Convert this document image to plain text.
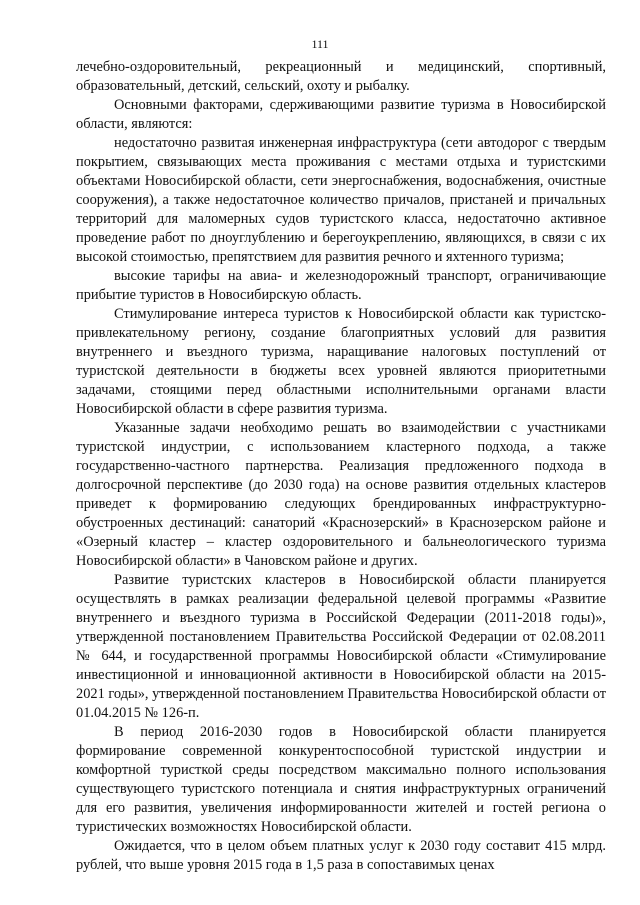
111

лечебно-оздоровительный, рекреационный и медицинский, спортивный, образовательный, детский, сельский, охоту и рыбалку.

Основными факторами, сдерживающими развитие туризма в Новосибирской области, являются:

недостаточно развитая инженерная инфраструктура (сети автодорог с твердым покрытием, связывающих места проживания с местами отдыха и туристскими объектами Новосибирской области, сети энергоснабжения, водоснабжения, очистные сооружения), а также недостаточное количество причалов, пристаней и причальных территорий для маломерных судов туристского класса, недостаточно активное проведение работ по дноуглублению и берегоукреплению, являющихся, в связи с их высокой стоимостью, препятствием для развития речного и яхтенного туризма;

высокие тарифы на авиа- и железнодорожный транспорт, ограничивающие прибытие туристов в Новосибирскую область.

Стимулирование интереса туристов к Новосибирской области как туристско-привлекательному региону, создание благоприятных условий для развития внутреннего и въездного туризма, наращивание налоговых поступлений от туристской деятельности в бюджеты всех уровней являются приоритетными задачами, стоящими перед областными исполнительными органами власти Новосибирской области в сфере развития туризма.

Указанные задачи необходимо решать во взаимодействии с участниками туристской индустрии, с использованием кластерного подхода, а также государственно-частного партнерства. Реализация предложенного подхода в долгосрочной перспективе (до 2030 года) на основе развития отдельных кластеров приведет к формированию следующих брендированных инфраструктурно-обустроенных дестинаций: санаторий «Краснозерский» в Краснозерском районе и «Озерный кластер – кластер оздоровительного и бальнеологического туризма Новосибирской области» в Чановском районе и других.

Развитие туристских кластеров в Новосибирской области планируется осуществлять в рамках реализации федеральной целевой программы «Развитие внутреннего и въездного туризма в Российской Федерации (2011-2018 годы)», утвержденной постановлением Правительства Российской Федерации от 02.08.2011 № 644, и государственной программы Новосибирской области «Стимулирование инвестиционной и инновационной активности в Новосибирской области на 2015-2021 годы», утвержденной постановлением Правительства Новосибирской области от 01.04.2015 № 126-п.

В период 2016-2030 годов в Новосибирской области планируется формирование современной конкурентоспособной туристской индустрии и комфортной туристкой среды посредством максимально полного использования существующего туристского потенциала и снятия инфраструктурных ограничений для его развития, увеличения информированности жителей и гостей региона о туристических возможностях Новосибирской области.

Ожидается, что в целом объем платных услуг к 2030 году составит 415 млрд. рублей, что выше уровня 2015 года в 1,5 раза в сопоставимых ценах
